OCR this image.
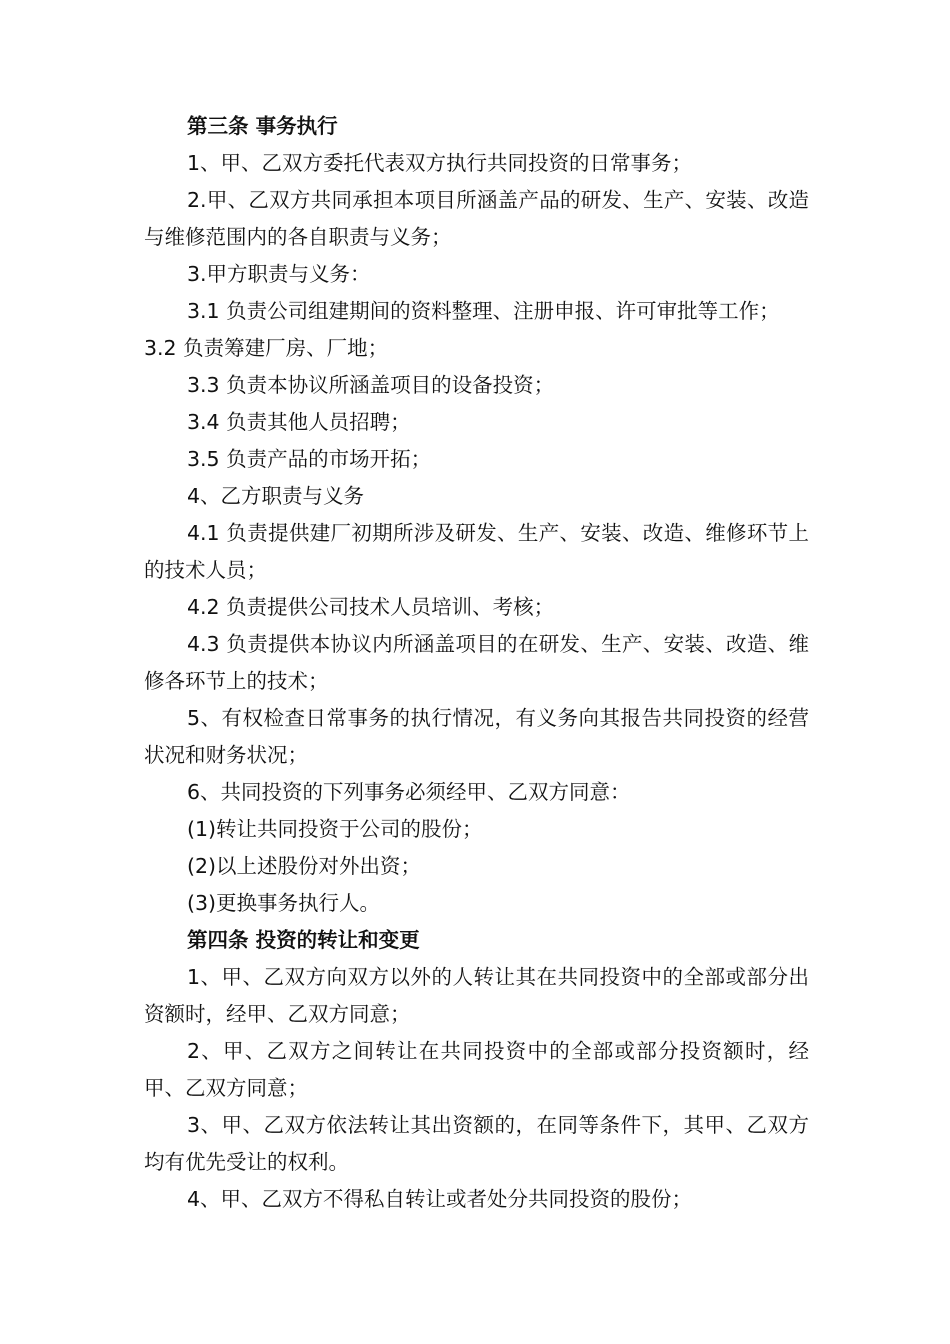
第三条 事务执行

1、甲、乙双方委托代表双方执行共同投资的日常事务；

2.甲、乙双方共同承担本项目所涵盖产品的研发、生产、安装、改造与维修范围内的各自职责与义务；

3.甲方职责与义务：

3.1 负责公司组建期间的资料整理、注册申报、许可审批等工作；

3.2 负责筹建厂房、厂地；

3.3 负责本协议所涵盖项目的设备投资；

3.4 负责其他人员招聘；

3.5 负责产品的市场开拓；

4、乙方职责与义务

4.1 负责提供建厂初期所涉及研发、生产、安装、改造、维修环节上的技术人员；

4.2 负责提供公司技术人员培训、考核；

4.3 负责提供本协议内所涵盖项目的在研发、生产、安装、改造、维修各环节上的技术；

5、有权检查日常事务的执行情况，有义务向其报告共同投资的经营状况和财务状况；

6、共同投资的下列事务必须经甲、乙双方同意：

(1)转让共同投资于公司的股份；

(2)以上述股份对外出资；

(3)更换事务执行人。

第四条 投资的转让和变更

1、甲、乙双方向双方以外的人转让其在共同投资中的全部或部分出资额时，经甲、乙双方同意；

2、甲、乙双方之间转让在共同投资中的全部或部分投资额时，经甲、乙双方同意；

3、甲、乙双方依法转让其出资额的，在同等条件下，其甲、乙双方均有优先受让的权利。

4、甲、乙双方不得私自转让或者处分共同投资的股份；
